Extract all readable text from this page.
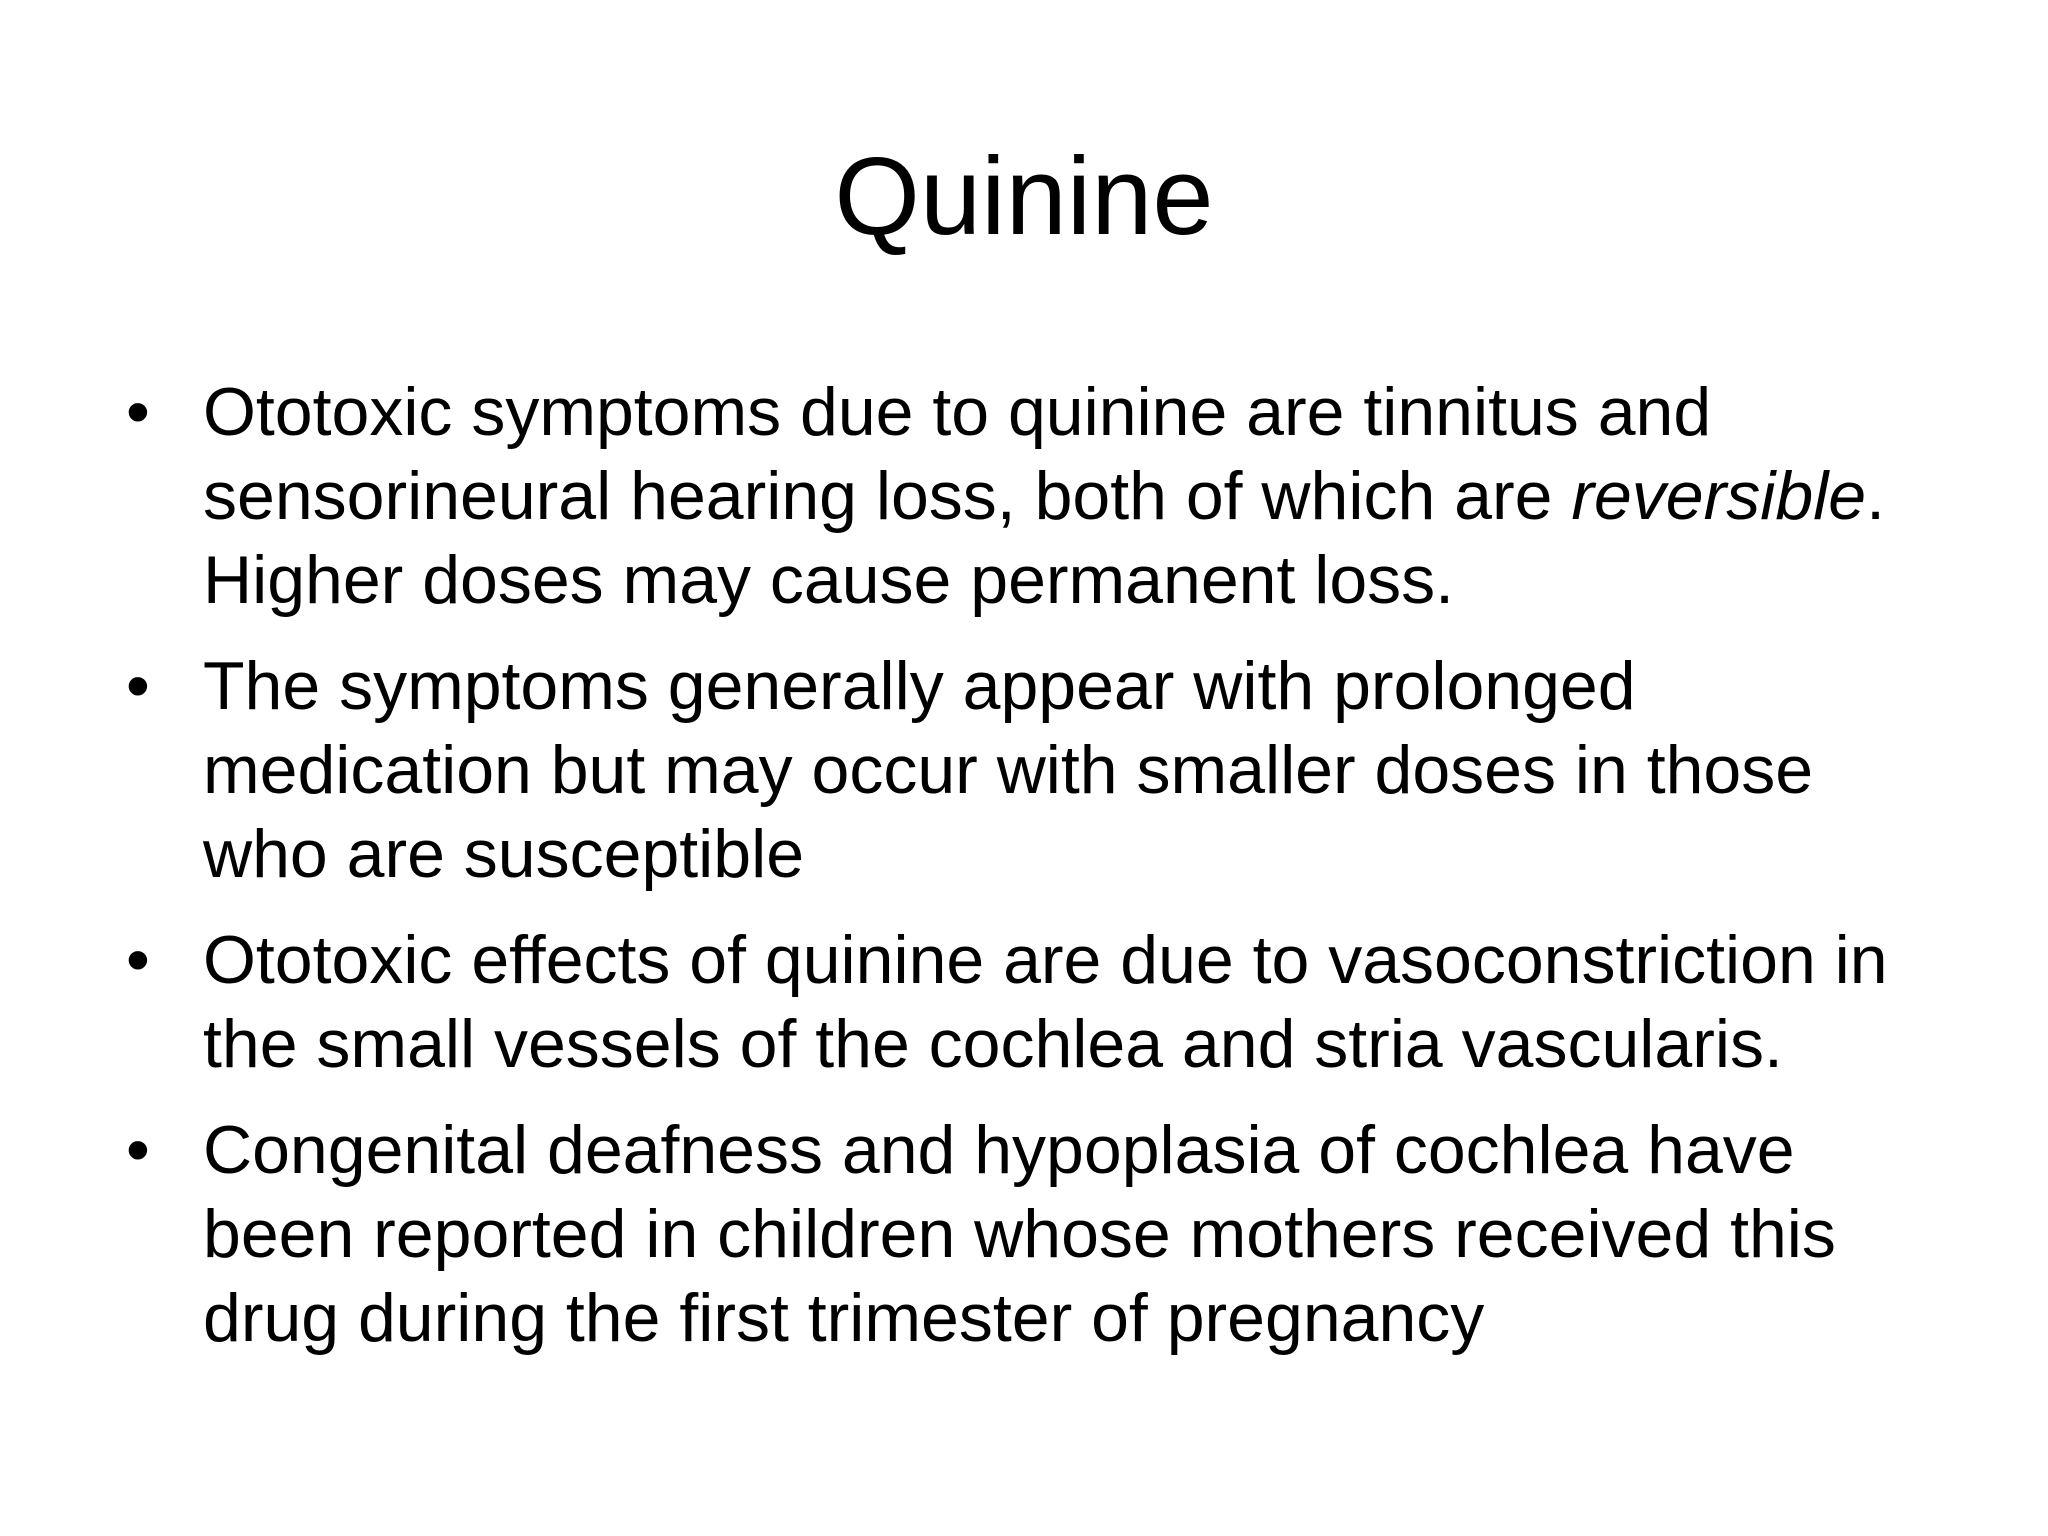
Quinine
• Ototoxic symptoms due to quinine are tinnitus and sensorineural hearing loss, both of which are reversible. Higher doses may cause permanent loss.
• The symptoms generally appear with prolonged medication but may occur with smaller doses in those who are susceptible
• Ototoxic effects of quinine are due to vasoconstriction in the small vessels of the cochlea and stria vascularis.
• Congenital deafness and hypoplasia of cochlea have been reported in children whose mothers received this drug during the first trimester of pregnancy
